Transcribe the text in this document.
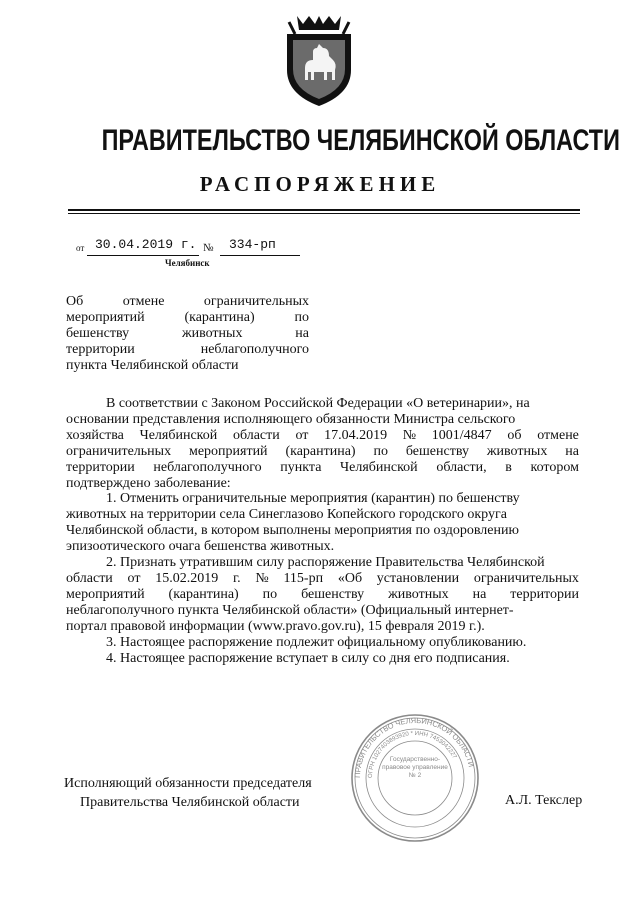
ПРАВИТЕЛЬСТВО ЧЕЛЯБИНСКОЙ ОБЛАСТИ
РАСПОРЯЖЕНИЕ
от 30.04.2019 г. № 334-рп
Челябинск
Об	отмене	ограничительных
мероприятий	(карантина)	по
бешенству	животных	на
территории	неблагополучного
пункта Челябинской области
В соответствии с Законом Российской Федерации «О ветеринарии», на
основании представления исполняющего обязанности Министра сельского
хозяйства Челябинской области от 17.04.2019 № 1001/4847 об отмене
ограничительных мероприятий (карантина) по бешенству животных на
территории неблагополучного пункта Челябинской области, в котором
подтверждено заболевание:
1. Отменить ограничительные мероприятия (карантин) по бешенству
животных на территории села Синеглазово Копейского городского округа
Челябинской области, в котором выполнены мероприятия по оздоровлению
эпизоотического очага бешенства животных.
2. Признать утратившим силу распоряжение Правительства Челябинской
области от 15.02.2019 г. № 115-рп «Об установлении ограничительных
мероприятий (карантина) по бешенству животных на территории
неблагополучного пункта Челябинской области» (Официальный интернет-
портал правовой информации (www.pravo.gov.ru), 15 февраля 2019 г.).
3. Настоящее распоряжение подлежит официальному опубликованию.
4. Настоящее распоряжение вступает в силу со дня его подписания.
Исполняющий обязанности председателя
Правительства Челябинской области	А.Л. Текслер
ПРАВИТЕЛЬСТВО ЧЕЛЯБИНСКОЙ ОБЛАСТИ
ОГРН 1027403893920 * ИНН 7453042227
Государственно-правовое управление № 2
